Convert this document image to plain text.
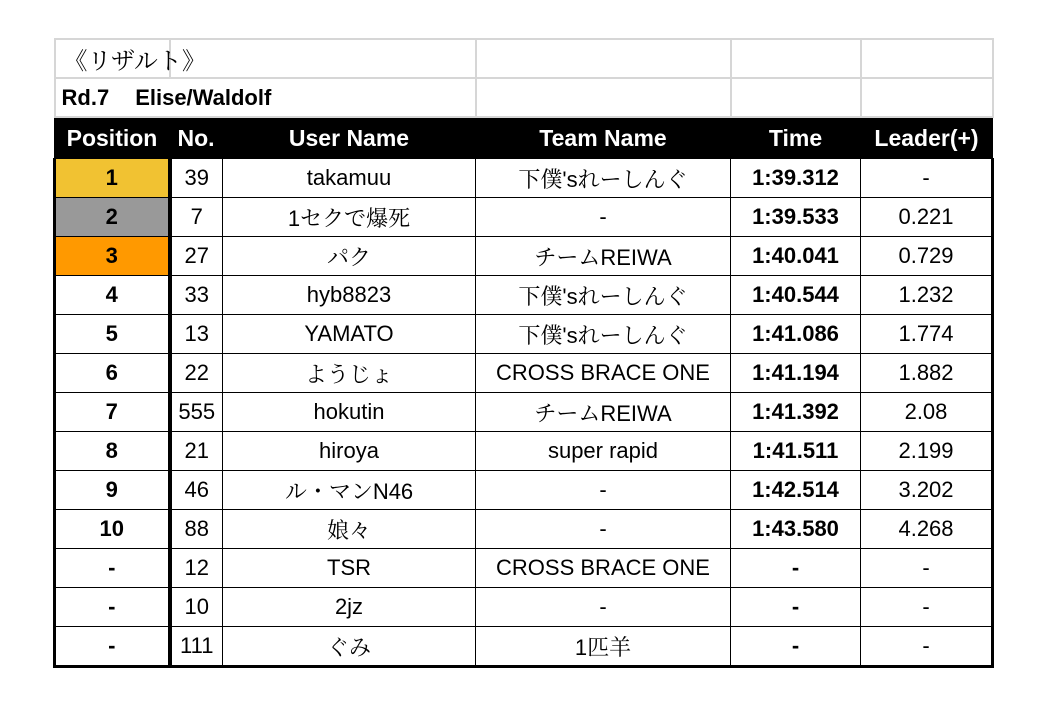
《リザルト》					
Rd.7 Elise/Waldolf					
Position	No.	User Name	Team Name	Time	Leader(+)
1	39	takamuu	下僕'sれーしんぐ	1:39.312	-
2	7	1セクで爆死	-	1:39.533	0.221
3	27	パク	チームREIWA	1:40.041	0.729
4	33	hyb8823	下僕'sれーしんぐ	1:40.544	1.232
5	13	YAMATO	下僕'sれーしんぐ	1:41.086	1.774
6	22	ようじょ	CROSS BRACE ONE	1:41.194	1.882
7	555	hokutin	チームREIWA	1:41.392	2.08
8	21	hiroya	super rapid	1:41.511	2.199
9	46	ル・マンN46	-	1:42.514	3.202
10	88	娘々	-	1:43.580	4.268
-	12	TSR	CROSS BRACE ONE	-	-
-	10	2jz	-	-	-
-	111	ぐみ	1匹羊	-	-
